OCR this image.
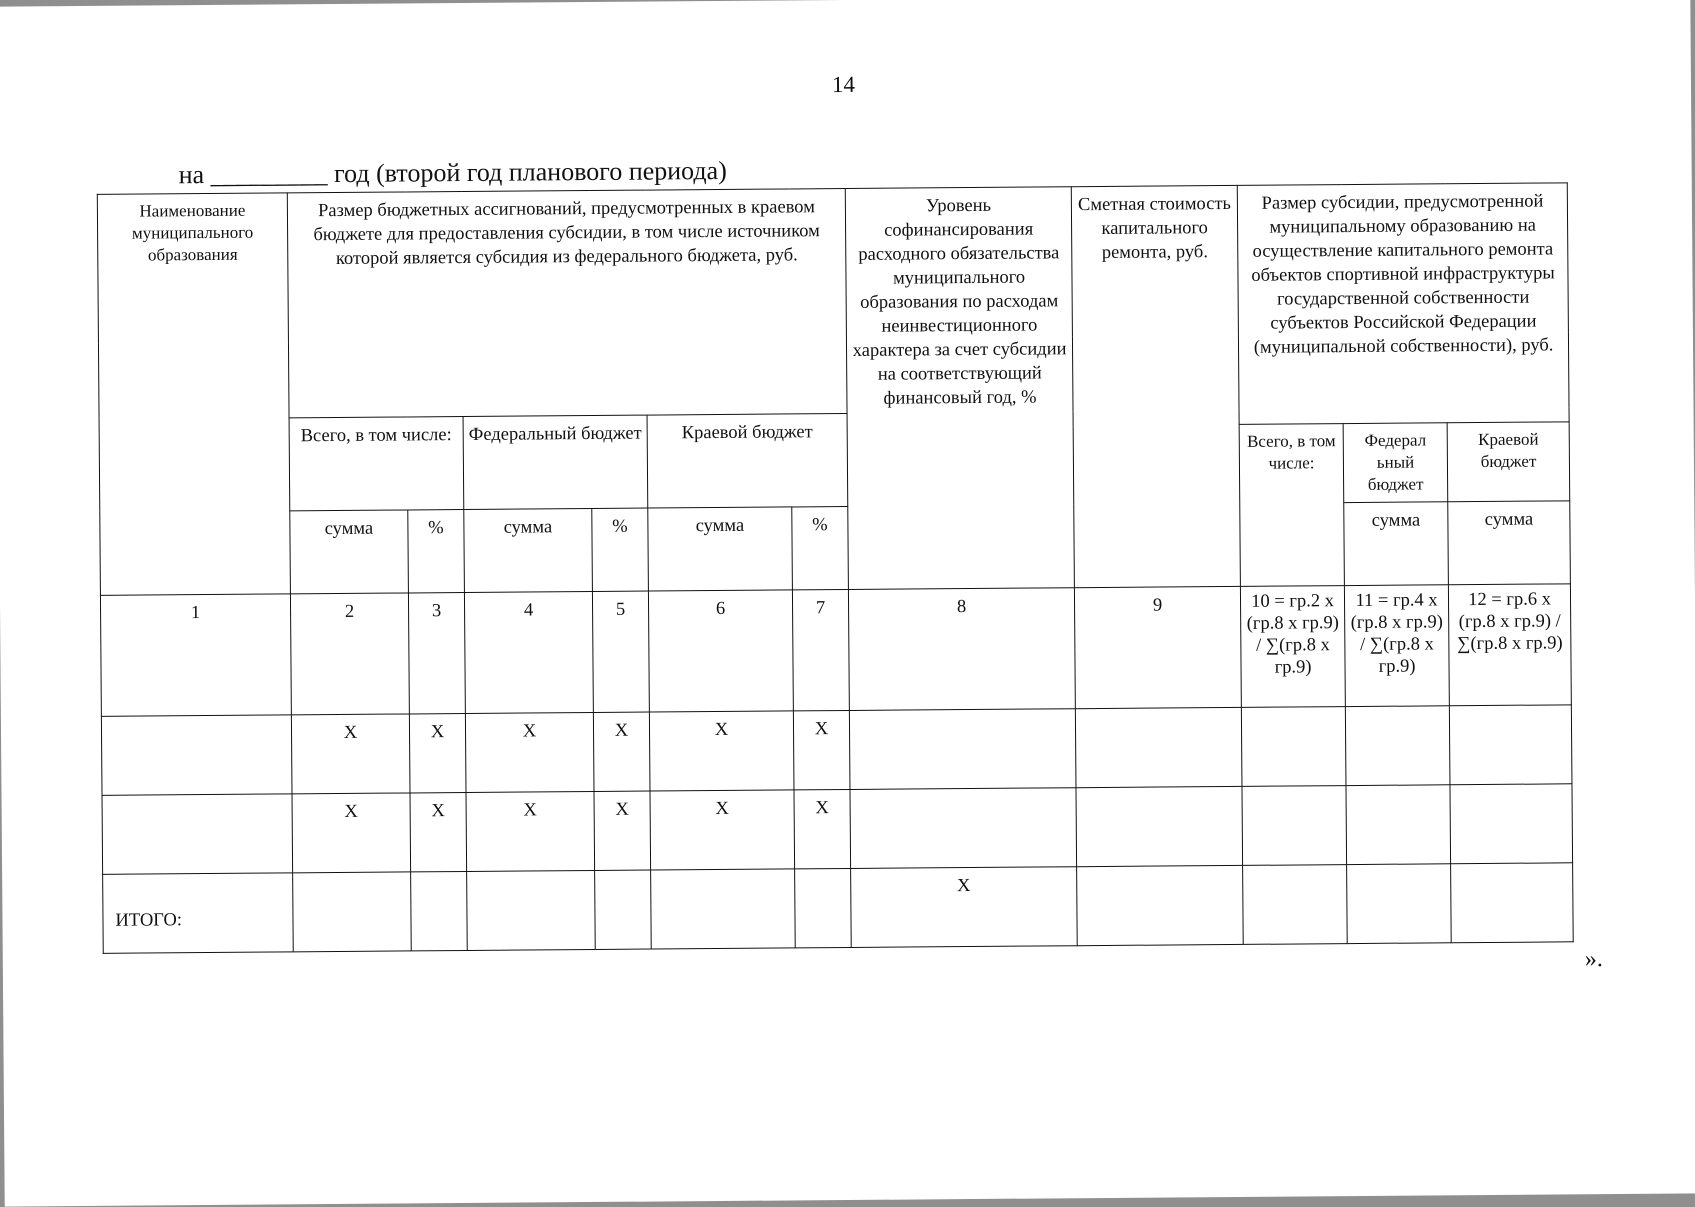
14
на _________ год (второй год планового периода)
Наименование муниципального образования	Размер бюджетных ассигнований, предусмотренных в краевом бюджете для предоставления субсидии, в том числе источником которой является субсидия из федерального бюджета, руб.						Уровень софинансирования расходного обязательства муниципального образования по расходам неинвестиционного характера за счет субсидии на соответствующий финансовый год, %	Сметная стоимость капитального ремонта, руб.	Размер субсидии, предусмотренной муниципальному образованию на осуществление капитального ремонта объектов спортивной инфраструктуры государственной собственности субъектов Российской Федерации (муниципальной собственности), руб.		

	Всего, в том числе:		Федеральный бюджет		Краевой бюджет						
									Всего, в том числе:	Федерал ьный бюджет	Краевой бюджет
	сумма	%	сумма	%	сумма	%				сумма	сумма
1	2	3	4	5	6	7	8	9	10 = гр.2 x (гр.8 x гр.9) / ∑(гр.8 x гр.9)	11 = гр.4 x (гр.8 x гр.9) / ∑(гр.8 x гр.9)	12 = гр.6 x (гр.8 x гр.9) / ∑(гр.8 x гр.9)
	X	X	X	X	X	X					
	X	X	X	X	X	X					
ИТОГО:							X				
».
